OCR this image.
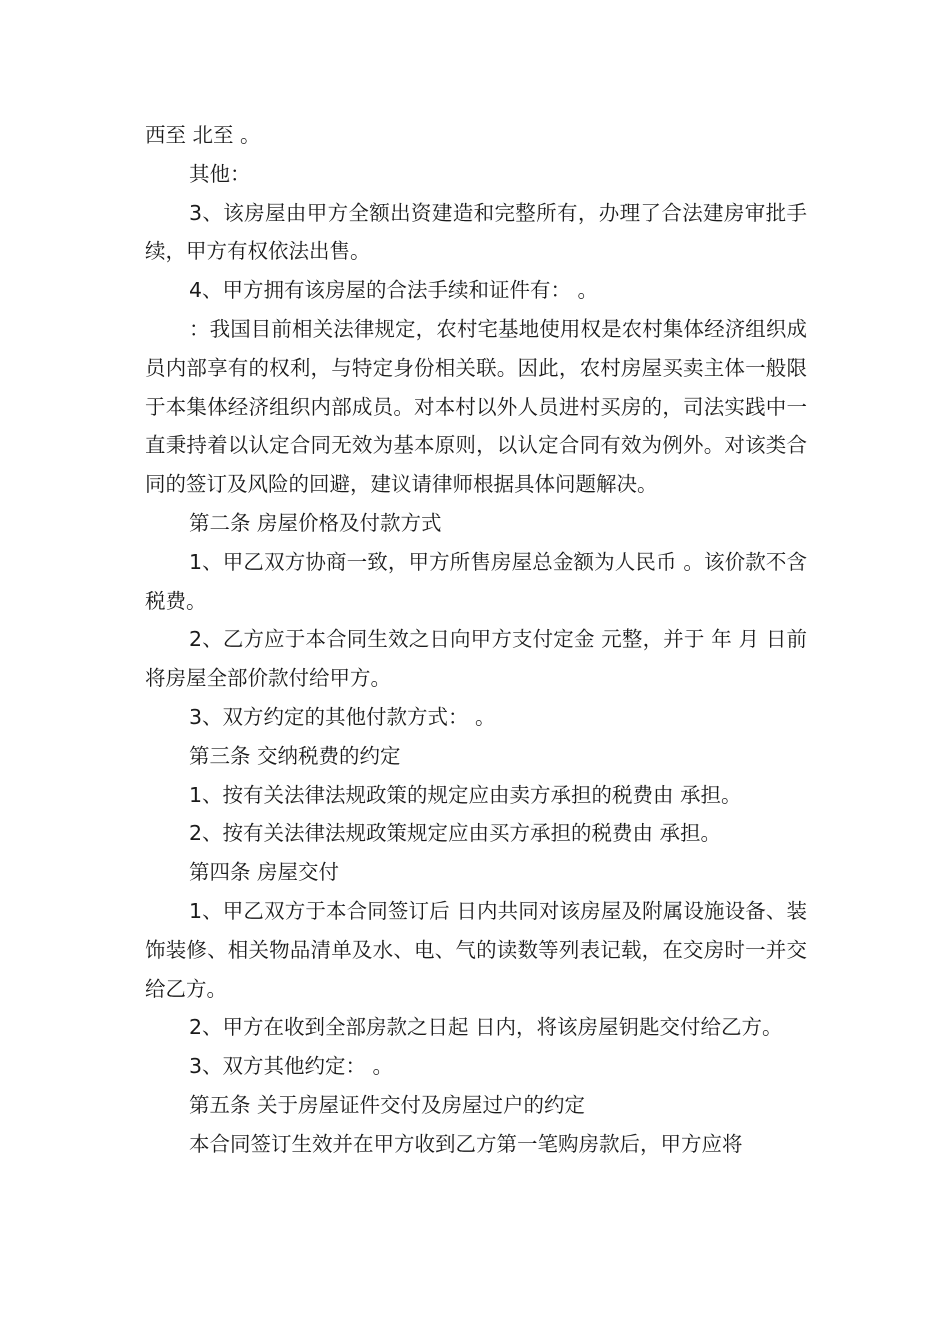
西至 北至 。

其他：

3、该房屋由甲方全额出资建造和完整所有，办理了合法建房审批手续，甲方有权依法出售。

4、甲方拥有该房屋的合法手续和证件有： 。

：我国目前相关法律规定，农村宅基地使用权是农村集体经济组织成员内部享有的权利，与特定身份相关联。因此，农村房屋买卖主体一般限于本集体经济组织内部成员。对本村以外人员进村买房的，司法实践中一直秉持着以认定合同无效为基本原则，以认定合同有效为例外。对该类合同的签订及风险的回避，建议请律师根据具体问题解决。

第二条 房屋价格及付款方式

1、甲乙双方协商一致，甲方所售房屋总金额为人民币 。该价款不含税费。

2、乙方应于本合同生效之日向甲方支付定金 元整，并于 年 月 日前将房屋全部价款付给甲方。

3、双方约定的其他付款方式： 。

第三条 交纳税费的约定

1、按有关法律法规政策的规定应由卖方承担的税费由 承担。

2、按有关法律法规政策规定应由买方承担的税费由 承担。

第四条 房屋交付

1、甲乙双方于本合同签订后 日内共同对该房屋及附属设施设备、装饰装修、相关物品清单及水、电、气的读数等列表记载，在交房时一并交给乙方。

2、甲方在收到全部房款之日起 日内，将该房屋钥匙交付给乙方。

3、双方其他约定： 。

第五条 关于房屋证件交付及房屋过户的约定

本合同签订生效并在甲方收到乙方第一笔购房款后，甲方应将
